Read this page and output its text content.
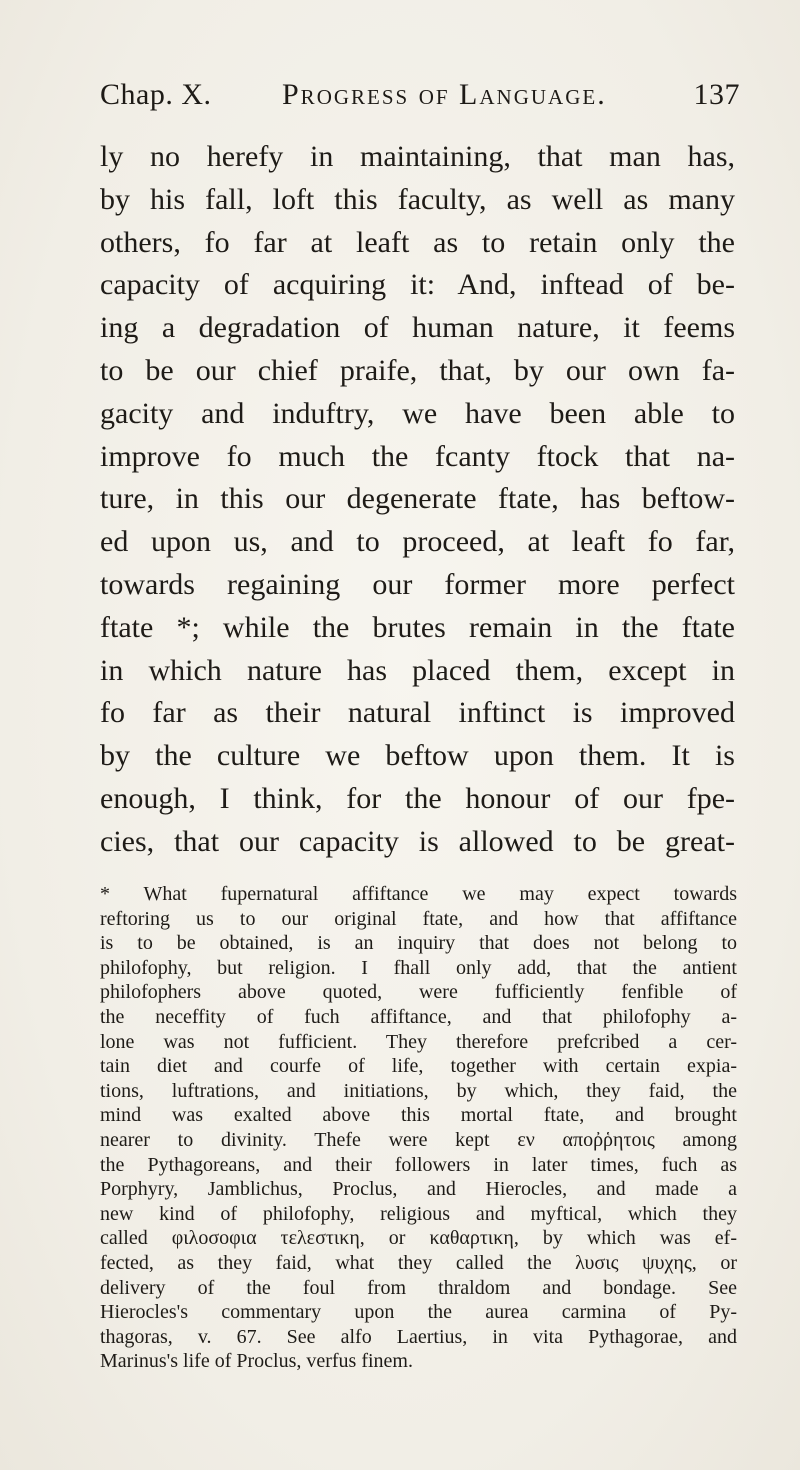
Chap. X. Progress of Language.	137
ly no herefy in maintaining, that man has,
by his fall, loft this faculty, as well as many
others, fo far at leaft as to retain only the
capacity of acquiring it: And, inftead of be-
ing a degradation of human nature, it feems
to be our chief praife, that, by our own fa-
gacity and induftry, we have been able to
improve fo much the fcanty ftock that na-
ture, in this our degenerate ftate, has beftow-
ed upon us, and to proceed, at leaft fo far,
towards regaining our former more perfect
ftate *; while the brutes remain in the ftate
in which nature has placed them, except in
fo far as their natural inftinct is improved
by the culture we beftow upon them. It is
enough, I think, for the honour of our fpe-
cies, that our capacity is allowed to be great-
* What fupernatural affiftance we may expect towards
reftoring us to our original ftate, and how that affiftance
is to be obtained, is an inquiry that does not belong to
philofophy, but religion. I fhall only add, that the antient
philofophers above quoted, were fufficiently fenfible of
the neceffity of fuch affiftance, and that philofophy a-
lone was not fufficient. They therefore prefcribed a cer-
tain diet and courfe of life, together with certain expia-
tions, luftrations, and initiations, by which, they faid, the
mind was exalted above this mortal ftate, and brought
nearer to divinity. Thefe were kept εν αποῤῥητοις among
the Pythagoreans, and their followers in later times, fuch as
Porphyry, Jamblichus, Proclus, and Hierocles, and made a
new kind of philofophy, religious and myftical, which they
called φιλοσοφια τελεστικη, or καθαρτικη, by which was ef-
fected, as they faid, what they called the λυσις ψυχης, or
delivery of the foul from thraldom and bondage. See
Hierocles's commentary upon the aurea carmina of Py-
thagoras, v. 67. See alfo Laertius, in vita Pythagorae, and
Marinus's life of Proclus, verfus finem.
